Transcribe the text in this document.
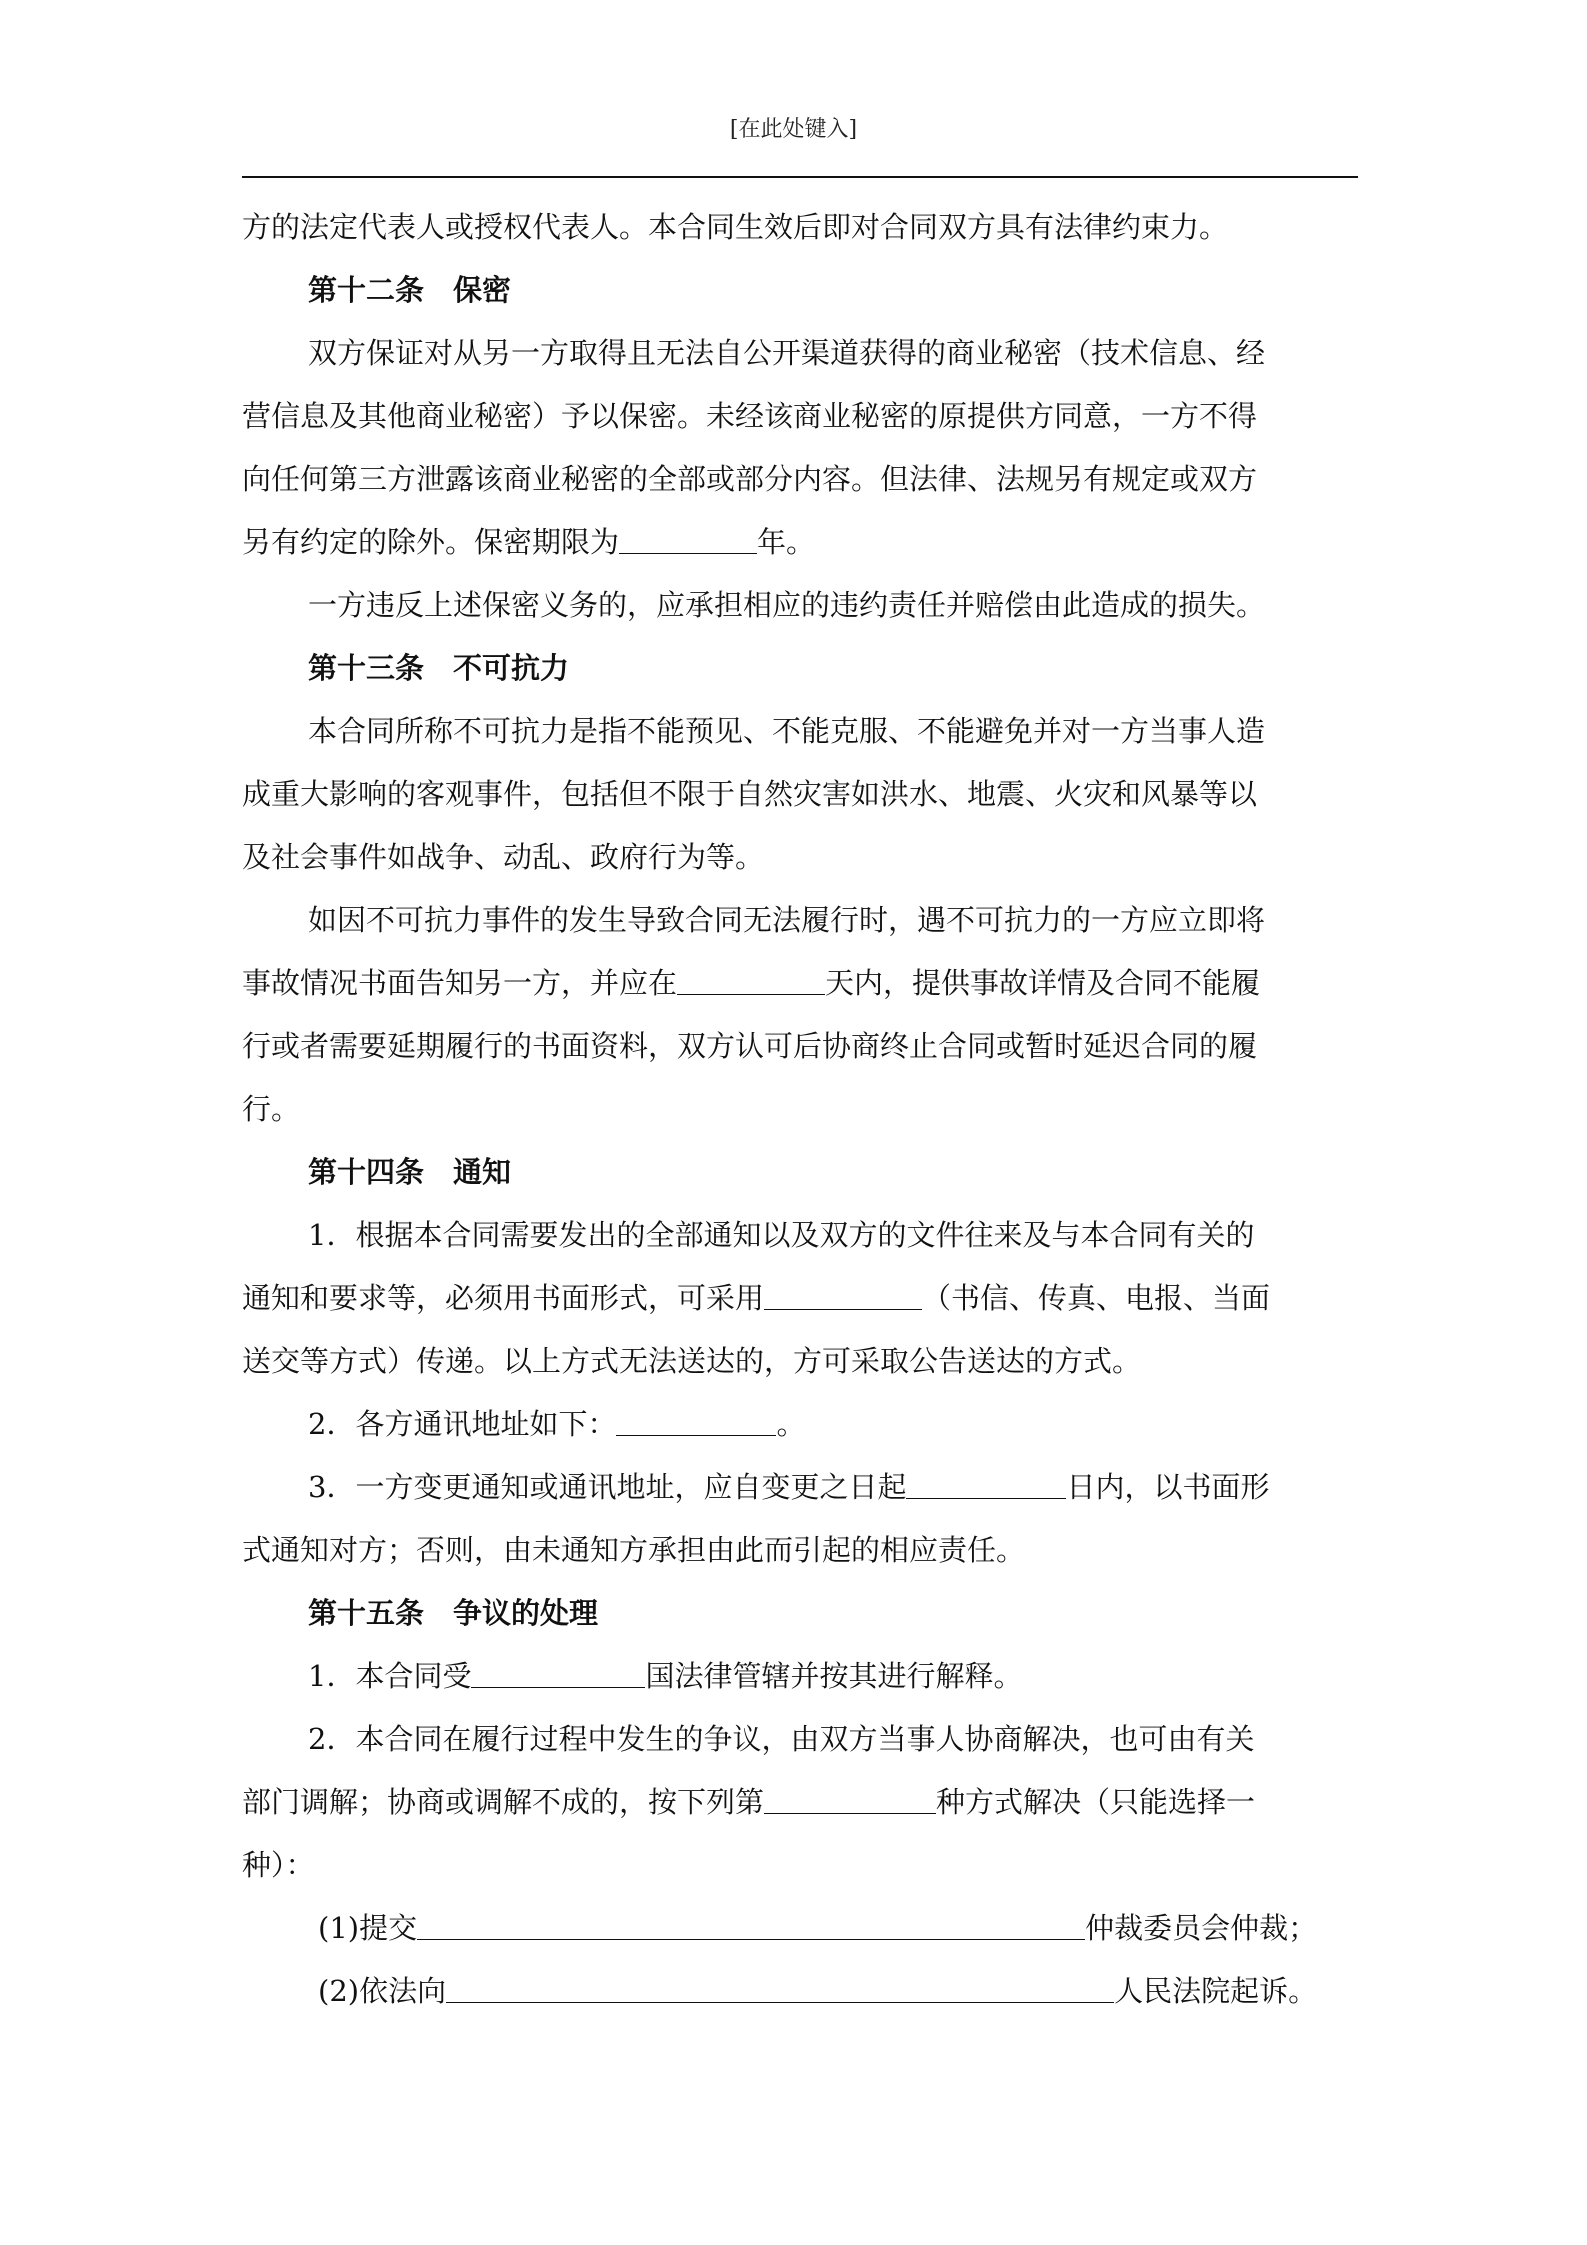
[在此处键入]
方的法定代表人或授权代表人。本合同生效后即对合同双方具有法律约束力。
第十二条　保密
双方保证对从另一方取得且无法自公开渠道获得的商业秘密（技术信息、经
营信息及其他商业秘密）予以保密。未经该商业秘密的原提供方同意，一方不得
向任何第三方泄露该商业秘密的全部或部分内容。但法律、法规另有规定或双方
另有约定的除外。保密期限为	年。
一方违反上述保密义务的，应承担相应的违约责任并赔偿由此造成的损失。
第十三条　不可抗力
本合同所称不可抗力是指不能预见、不能克服、不能避免并对一方当事人造
成重大影响的客观事件，包括但不限于自然灾害如洪水、地震、火灾和风暴等以
及社会事件如战争、动乱、政府行为等。
如因不可抗力事件的发生导致合同无法履行时，遇不可抗力的一方应立即将
事故情况书面告知另一方，并应在	天内，提供事故详情及合同不能履
行或者需要延期履行的书面资料，双方认可后协商终止合同或暂时延迟合同的履
行。
第十四条　通知
1．根据本合同需要发出的全部通知以及双方的文件往来及与本合同有关的
通知和要求等，必须用书面形式，可采用	（书信、传真、电报、当面
送交等方式）传递。以上方式无法送达的，方可采取公告送达的方式。
2．各方通讯地址如下：	。
3．一方变更通知或通讯地址，应自变更之日起	日内，以书面形
式通知对方；否则，由未通知方承担由此而引起的相应责任。
第十五条　争议的处理
1．本合同受	国法律管辖并按其进行解释。
2．本合同在履行过程中发生的争议，由双方当事人协商解决，也可由有关
部门调解；协商或调解不成的，按下列第	种方式解决（只能选择一
种）：
(1)提交	仲裁委员会仲裁；
(2)依法向	人民法院起诉。
